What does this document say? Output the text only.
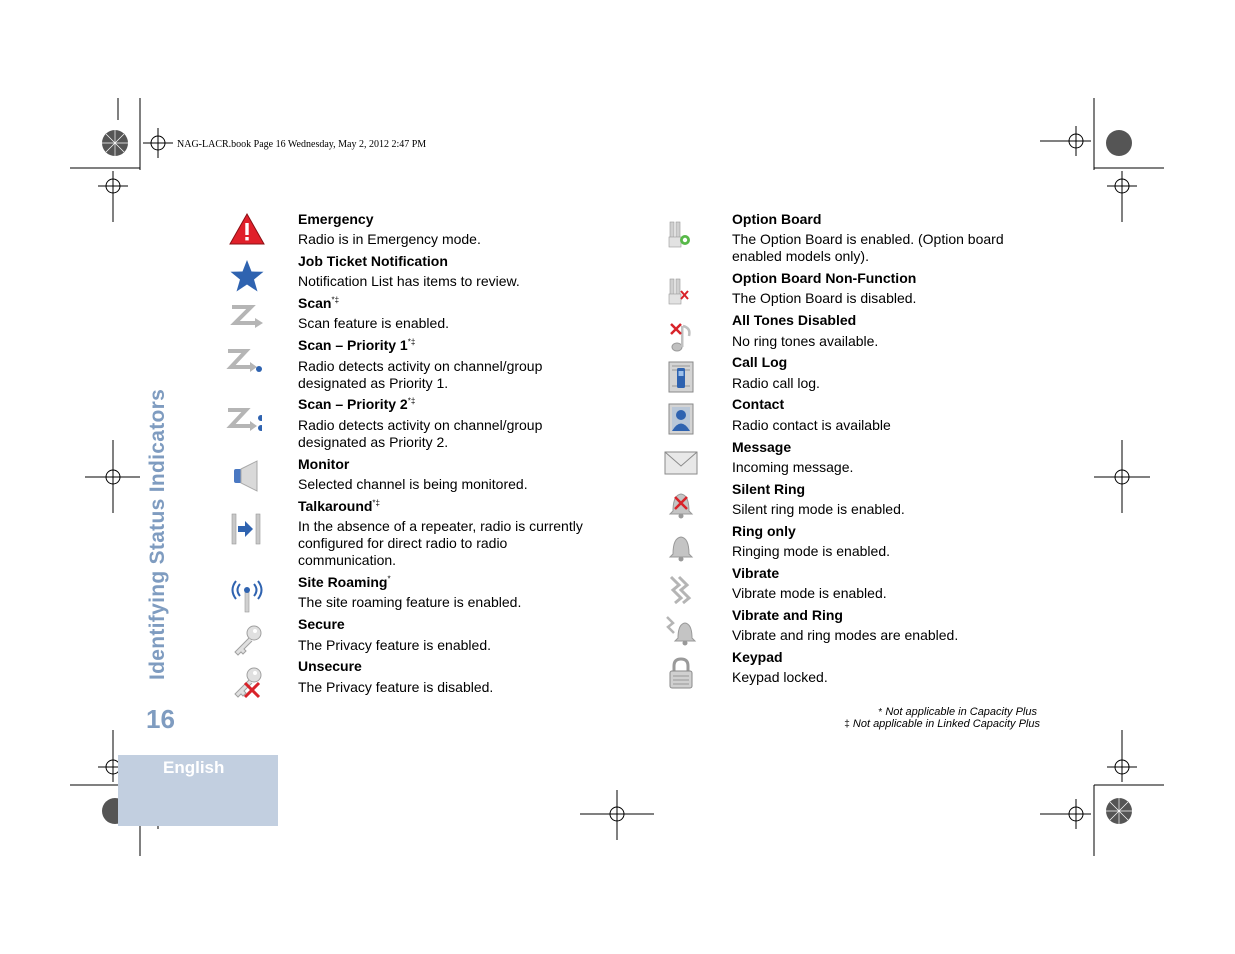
NAG-LACR.book Page 16 Wednesday, May 2, 2012 2:47 PM
Identifying Status Indicators
16
English
Emergency
Radio is in Emergency mode.
Job Ticket Notification
Notification List has items to review.
Scan*‡
Scan feature is enabled.
Scan – Priority 1*‡
Radio detects activity on channel/group designated as Priority 1.
Scan – Priority 2*‡
Radio detects activity on channel/group designated as Priority 2.
Monitor
Selected channel is being monitored.
Talkaround*‡
In the absence of a repeater, radio is currently configured for direct radio to radio communication.
Site Roaming*
The site roaming feature is enabled.
Secure
The Privacy feature is enabled.
Unsecure
The Privacy feature is disabled.
Option Board
The Option Board is enabled. (Option board enabled models only).
Option Board Non-Function
The Option Board is disabled.
All Tones Disabled
No ring tones available.
Call Log
Radio call log.
Contact
Radio contact is available
Message
Incoming message.
Silent Ring
Silent ring mode is enabled.
Ring only
Ringing mode is enabled.
Vibrate
Vibrate mode is enabled.
Vibrate and Ring
Vibrate and ring modes are enabled.
Keypad
Keypad locked.
* Not applicable in Capacity Plus
‡ Not applicable in Linked Capacity Plus
